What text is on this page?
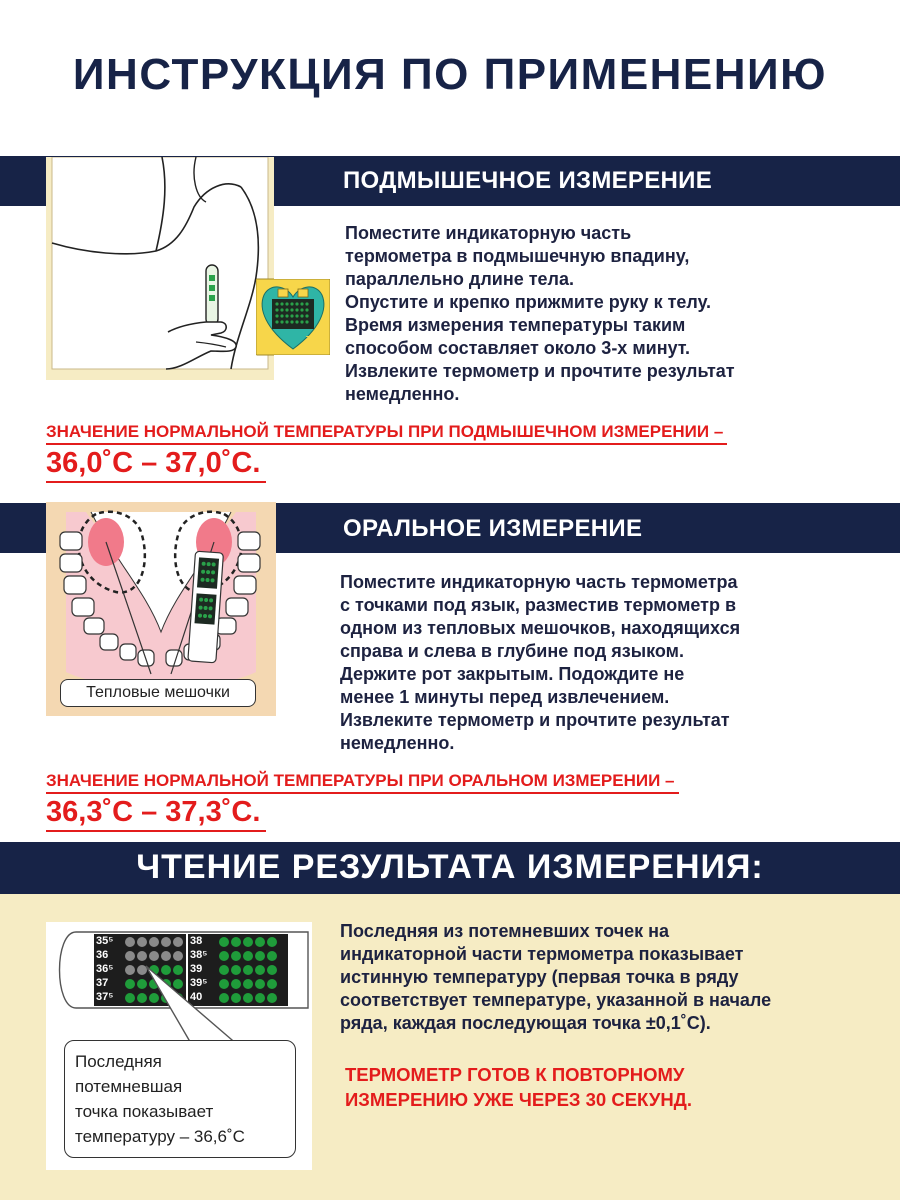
ИНСТРУКЦИЯ ПО ПРИМЕНЕНИЮ
ПОДМЫШЕЧНОЕ ИЗМЕРЕНИЕ
TrueD
Поместите индикаторную часть
термометра в подмышечную впадину,
параллельно длине тела.
Опустите и крепко прижмите руку к телу.
Время измерения температуры таким
способом составляет около 3-х минут.
Извлеките термометр и прочтите результат
немедленно.
ЗНАЧЕНИЕ НОРМАЛЬНОЙ ТЕМПЕРАТУРЫ ПРИ ПОДМЫШЕЧНОМ ИЗМЕРЕНИИ –
36,0˚С – 37,0˚С.
ОРАЛЬНОЕ ИЗМЕРЕНИЕ
Тепловые мешочки
Поместите индикаторную часть термометра
с точками под язык, разместив термометр в
одном из тепловых мешочков, находящихся
справа и слева в глубине под языком.
Держите рот закрытым. Подождите не
менее 1 минуты перед извлечением.
Извлеките термометр и прочтите результат
немедленно.
ЗНАЧЕНИЕ НОРМАЛЬНОЙ ТЕМПЕРАТУРЫ ПРИ ОРАЛЬНОМ ИЗМЕРЕНИИ –
36,3˚С – 37,3˚С.
ЧТЕНИЕ РЕЗУЛЬТАТА ИЗМЕРЕНИЯ:
Последняя
потемневшая
точка показывает
температуру – 36,6˚С
35⁵
36
36⁵
37
37⁵
38
38⁵
39
39⁵
40
Последняя из потемневших точек на
индикаторной части термометра показывает
истинную температуру (первая точка в ряду
соответствует температуре, указанной в начале
ряда, каждая последующая точка ±0,1˚С).
ТЕРМОМЕТР ГОТОВ К ПОВТОРНОМУ
ИЗМЕРЕНИЮ УЖЕ ЧЕРЕЗ 30 СЕКУНД.
